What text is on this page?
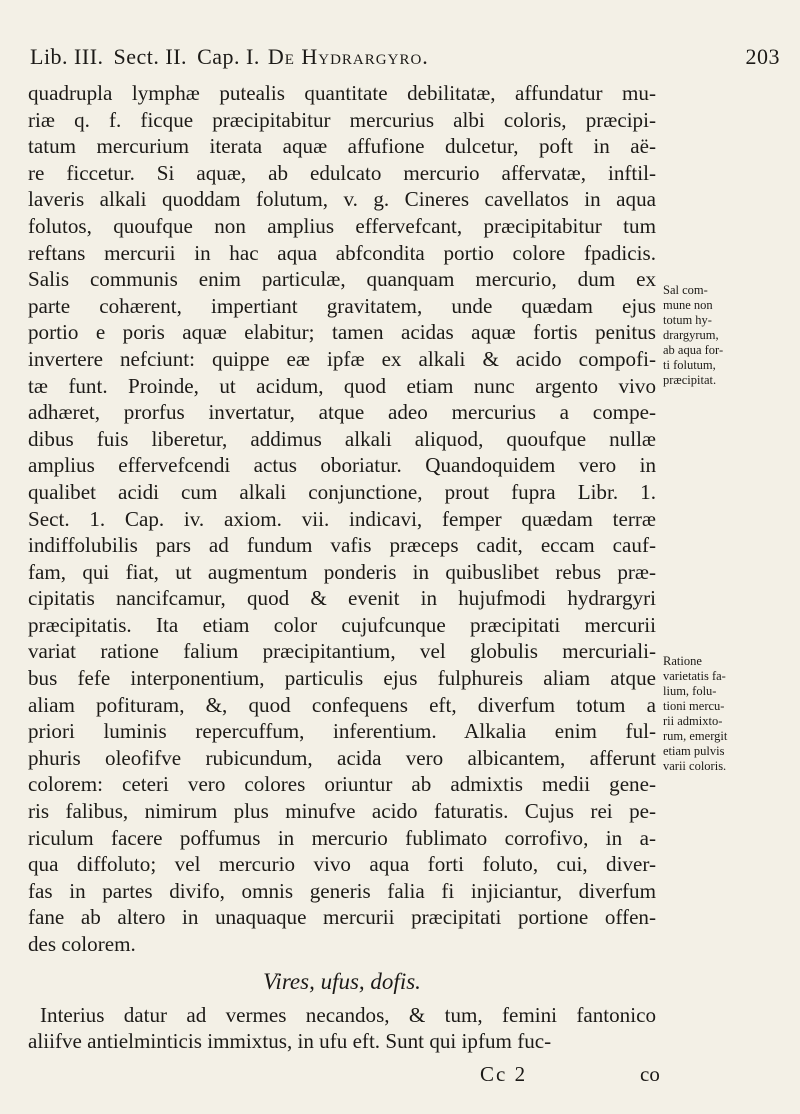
Lib. III. Sect. II. Cap. I. De Hydrargyro.	203
quadrupla lymphæ putealis quantitate debilitatæ, affundatur mu-
riæ q. f. ficque præcipitabitur mercurius albi coloris, præcipi-
tatum mercurium iterata aquæ affufione dulcetur, poft in aë-
re ficcetur. Si aquæ, ab edulcato mercurio affervatæ, inftil-
laveris alkali quoddam folutum, v. g. Cineres cavellatos in aqua
folutos, quoufque non amplius effervefcant, præcipitabitur tum
reftans mercurii in hac aqua abfcondita portio colore fpadicis.
Salis communis enim particulæ, quanquam mercurio, dum ex
parte cohærent, impertiant gravitatem, unde quædam ejus
portio e poris aquæ elabitur; tamen acidas aquæ fortis penitus
invertere nefciunt: quippe eæ ipfæ ex alkali & acido compofi-
tæ funt. Proinde, ut acidum, quod etiam nunc argento vivo
adhæret, prorfus invertatur, atque adeo mercurius a compe-
dibus fuis liberetur, addimus alkali aliquod, quoufque nullæ
amplius effervefcendi actus oboriatur. Quandoquidem vero in
qualibet acidi cum alkali conjunctione, prout fupra Libr. 1.
Sect. 1. Cap. iv. axiom. vii. indicavi, femper quædam terræ
indiffolubilis pars ad fundum vafis præceps cadit, eccam cauf-
fam, qui fiat, ut augmentum ponderis in quibuslibet rebus præ-
cipitatis nancifcamur, quod & evenit in hujufmodi hydrargyri
præcipitatis. Ita etiam color cujufcunque præcipitati mercurii
variat ratione falium præcipitantium, vel globulis mercuriali-
bus fefe interponentium, particulis ejus fulphureis aliam atque
aliam pofituram, &, quod confequens eft, diverfum totum a
priori luminis repercuffum, inferentium. Alkalia enim ful-
phuris oleofifve rubicundum, acida vero albicantem, afferunt
colorem: ceteri vero colores oriuntur ab admixtis medii gene-
ris falibus, nimirum plus minufve acido faturatis. Cujus rei pe-
riculum facere poffumus in mercurio fublimato corrofivo, in a-
qua diffoluto; vel mercurio vivo aqua forti foluto, cui, diver-
fas in partes divifo, omnis generis falia fi injiciantur, diverfum
fane ab altero in unaquaque mercurii præcipitati portione offen-
des colorem.
Vires, ufus, dofis.
Interius datur ad vermes necandos, & tum, femini fantonico
aliifve antielminticis immixtus, in ufu eft. Sunt qui ipfum fuc-
Sal com-
mune non
totum hy-
drargyrum,
ab aqua for-
ti folutum,
præcipitat.
Ratione
varietatis fa-
lium, folu-
tioni mercu-
rii admixto-
rum, emergit
etiam pulvis
varii coloris.
Cc 2	co
